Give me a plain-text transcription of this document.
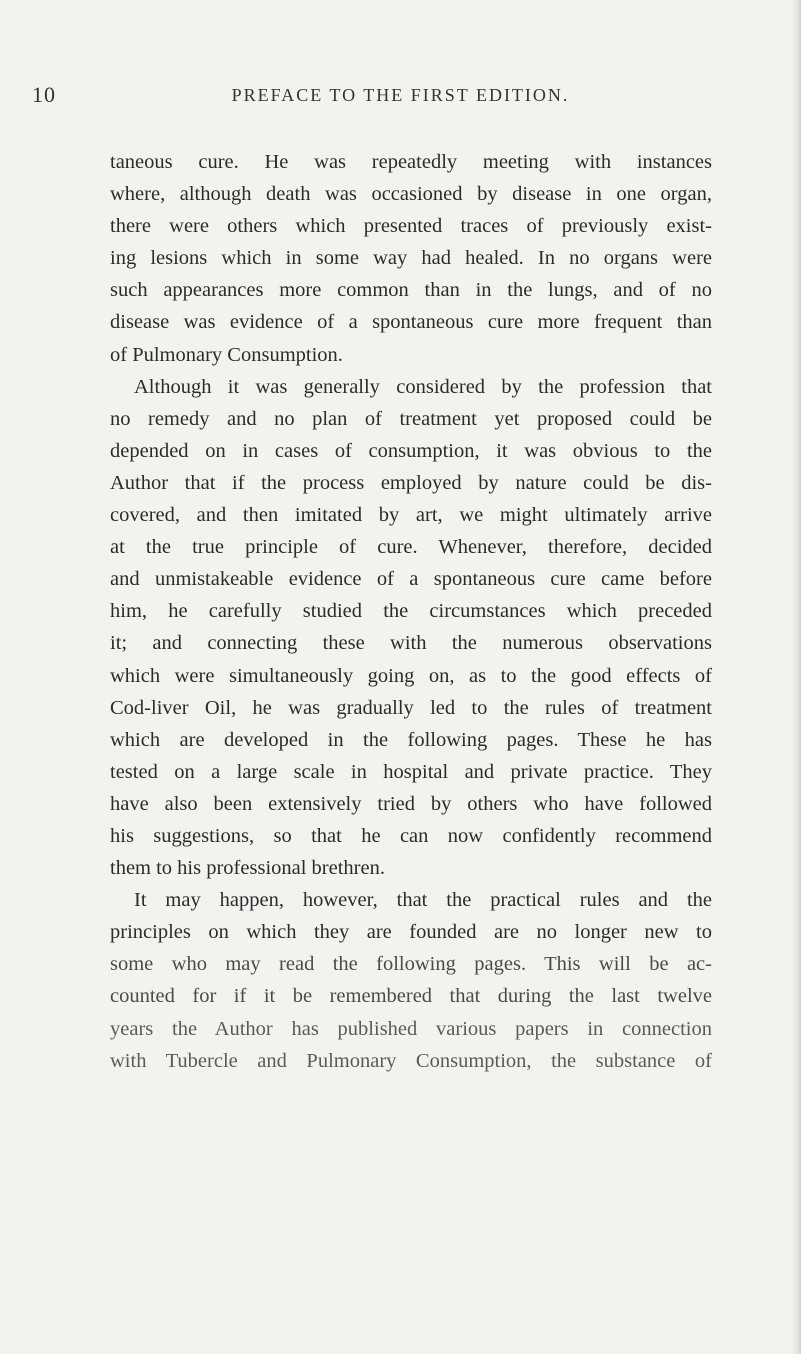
10	PREFACE TO THE FIRST EDITION.
taneous cure. He was repeatedly meeting with instances
where, although death was occasioned by disease in one organ,
there were others which presented traces of previously exist-
ing lesions which in some way had healed. In no organs were
such appearances more common than in the lungs, and of no
disease was evidence of a spontaneous cure more frequent than
of Pulmonary Consumption.
Although it was generally considered by the profession that
no remedy and no plan of treatment yet proposed could be
depended on in cases of consumption, it was obvious to the
Author that if the process employed by nature could be dis-
covered, and then imitated by art, we might ultimately arrive
at the true principle of cure. Whenever, therefore, decided
and unmistakeable evidence of a spontaneous cure came before
him, he carefully studied the circumstances which preceded
it; and connecting these with the numerous observations
which were simultaneously going on, as to the good effects of
Cod-liver Oil, he was gradually led to the rules of treatment
which are developed in the following pages. These he has
tested on a large scale in hospital and private practice. They
have also been extensively tried by others who have followed
his suggestions, so that he can now confidently recommend
them to his professional brethren.
It may happen, however, that the practical rules and the
principles on which they are founded are no longer new to
some who may read the following pages. This will be ac-
counted for if it be remembered that during the last twelve
years the Author has published various papers in connection
with Tubercle and Pulmonary Consumption, the substance of
